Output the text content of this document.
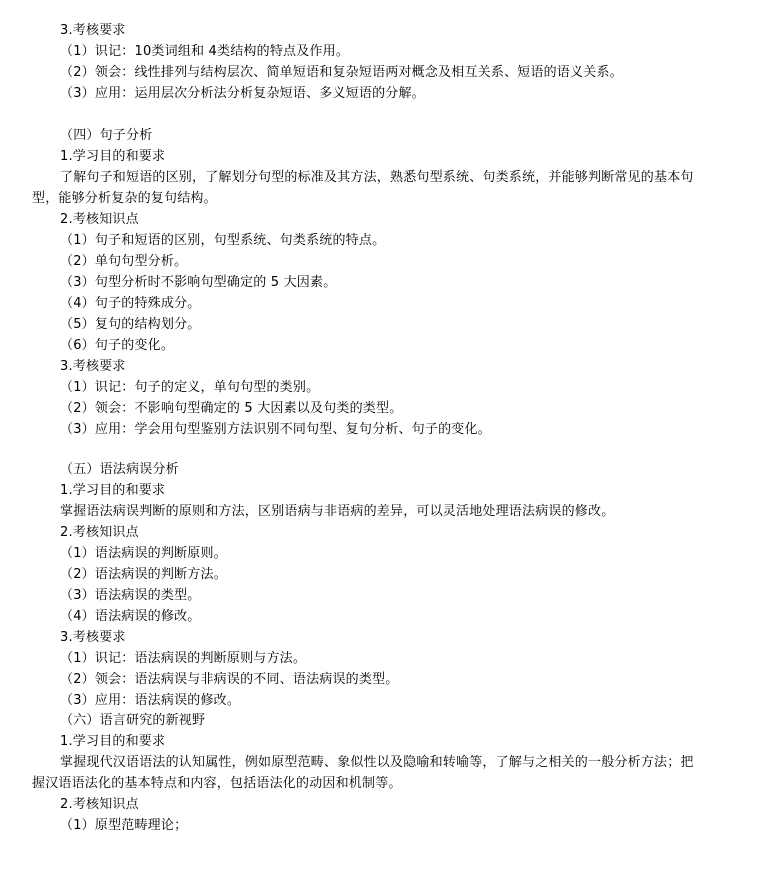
3.考核要求
（1）识记：10类词组和 4类结构的特点及作用。
（2）领会：线性排列与结构层次、简单短语和复杂短语两对概念及相互关系、短语的语义关系。
（3）应用：运用层次分析法分析复杂短语、多义短语的分解。
（四）句子分析
1.学习目的和要求
了解句子和短语的区别，了解划分句型的标准及其方法，熟悉句型系统、句类系统，并能够判断常见的基本句
型，能够分析复杂的复句结构。
2.考核知识点
（1）句子和短语的区别，句型系统、句类系统的特点。
（2）单句句型分析。
（3）句型分析时不影响句型确定的 5 大因素。
（4）句子的特殊成分。
（5）复句的结构划分。
（6）句子的变化。
3.考核要求
（1）识记：句子的定义，单句句型的类别。
（2）领会：不影响句型确定的 5 大因素以及句类的类型。
（3）应用：学会用句型鉴别方法识别不同句型、复句分析、句子的变化。
（五）语法病误分析
1.学习目的和要求
掌握语法病误判断的原则和方法，区别语病与非语病的差异，可以灵活地处理语法病误的修改。
2.考核知识点
（1）语法病误的判断原则。
（2）语法病误的判断方法。
（3）语法病误的类型。
（4）语法病误的修改。
3.考核要求
（1）识记：语法病误的判断原则与方法。
（2）领会：语法病误与非病误的不同、语法病误的类型。
（3）应用：语法病误的修改。
（六）语言研究的新视野
1.学习目的和要求
掌握现代汉语语法的认知属性，例如原型范畴、象似性以及隐喻和转喻等，了解与之相关的一般分析方法；把
握汉语语法化的基本特点和内容，包括语法化的动因和机制等。
2.考核知识点
（1）原型范畴理论；
